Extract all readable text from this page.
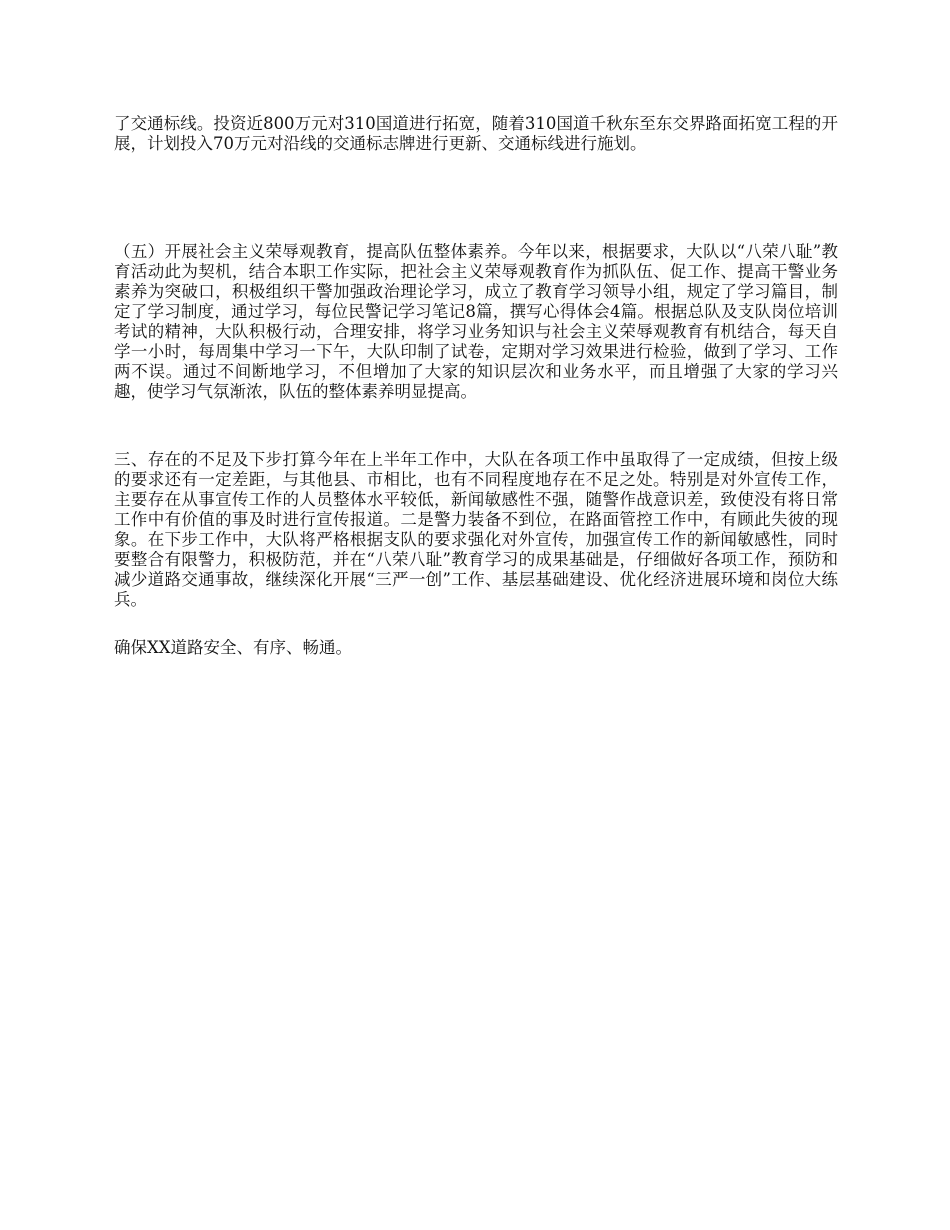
了交通标线。投资近800万元对310国道进行拓宽，随着310国道千秋东至东交界路面拓宽工程的开展，计划投入70万元对沿线的交通标志牌进行更新、交通标线进行施划。

（五）开展社会主义荣辱观教育，提高队伍整体素养。今年以来，根据要求，大队以“八荣八耻”教育活动此为契机，结合本职工作实际，把社会主义荣辱观教育作为抓队伍、促工作、提高干警业务素养为突破口，积极组织干警加强政治理论学习，成立了教育学习领导小组，规定了学习篇目，制定了学习制度，通过学习，每位民警记学习笔记8篇，撰写心得体会4篇。根据总队及支队岗位培训考试的精神，大队积极行动，合理安排，将学习业务知识与社会主义荣辱观教育有机结合，每天自学一小时，每周集中学习一下午，大队印制了试卷，定期对学习效果进行检验，做到了学习、工作两不误。通过不间断地学习，不但增加了大家的知识层次和业务水平，而且增强了大家的学习兴趣，使学习气氛渐浓，队伍的整体素养明显提高。

三、存在的不足及下步打算今年在上半年工作中，大队在各项工作中虽取得了一定成绩，但按上级的要求还有一定差距，与其他县、市相比，也有不同程度地存在不足之处。特别是对外宣传工作，主要存在从事宣传工作的人员整体水平较低，新闻敏感性不强，随警作战意识差，致使没有将日常工作中有价值的事及时进行宣传报道。二是警力装备不到位，在路面管控工作中，有顾此失彼的现象。在下步工作中，大队将严格根据支队的要求强化对外宣传，加强宣传工作的新闻敏感性，同时要整合有限警力，积极防范，并在“八荣八耻”教育学习的成果基础是，仔细做好各项工作，预防和减少道路交通事故，继续深化开展“三严一创”工作、基层基础建设、优化经济进展环境和岗位大练兵。

确保XX道路安全、有序、畅通。
